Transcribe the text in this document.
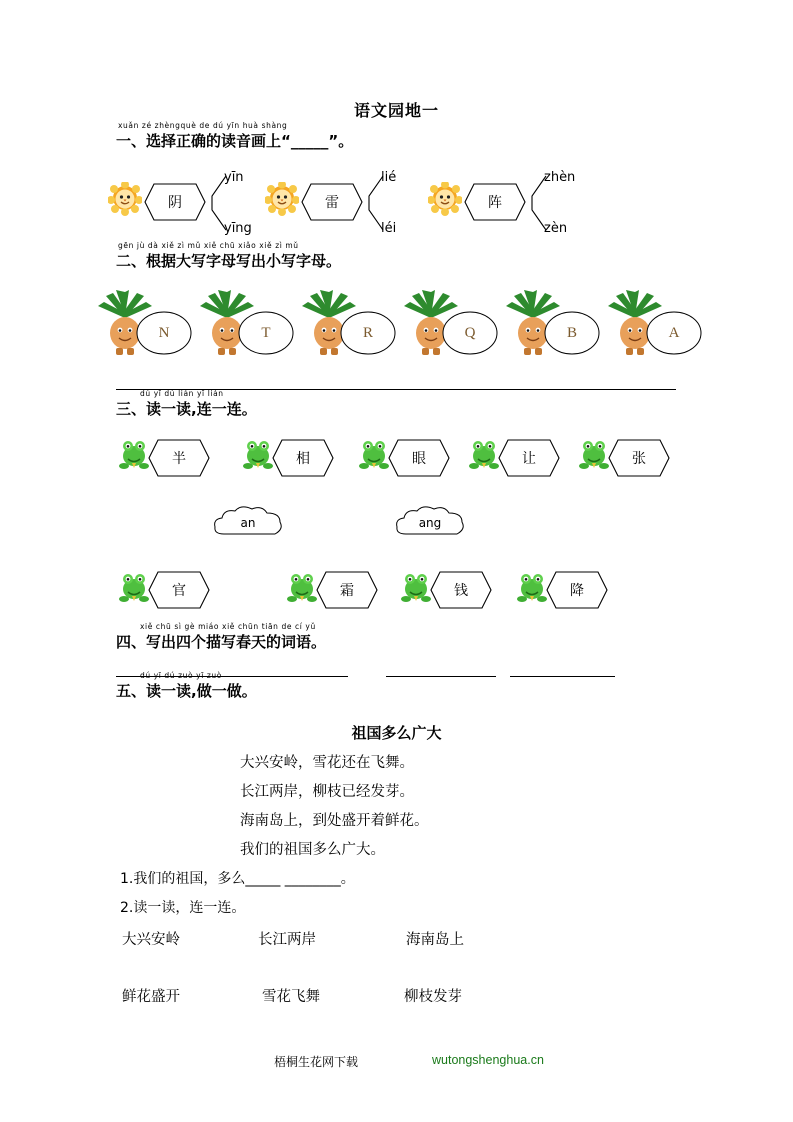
语文园地一
xuǎn zé zhèngquè de dú yīn huà shàng
一、选择正确的读音画上“_____”。
阴
yīn
yīng
雷
lié
léi
阵
zhèn
zèn
gēn jù dà xiě zì mǔ xiě chū xiǎo xiě zì mǔ
二、根据大写字母写出小写字母。
N	T	R	Q	B	A
dú yī dú lián yī lián
三、读一读,连一连。
半	相	眼	让	张
an	ang
官	霜	钱	降
xiě chū sì gè miáo xiě chūn tiān de cí yǔ
四、写出四个描写春天的词语。
dú yī dú zuò yī zuò
五、读一读,做一做。
祖国多么广大
大兴安岭，雪花还在飞舞。
长江两岸，柳枝已经发芽。
海南岛上，到处盛开着鲜花。
我们的祖国多么广大。
1.我们的祖国，多么_____ ________。
2.读一读，连一连。
大兴安岭	长江两岸	海南岛上
鲜花盛开	雪花飞舞	柳枝发芽
梧桐生花网下载	wutongshenghua.cn
